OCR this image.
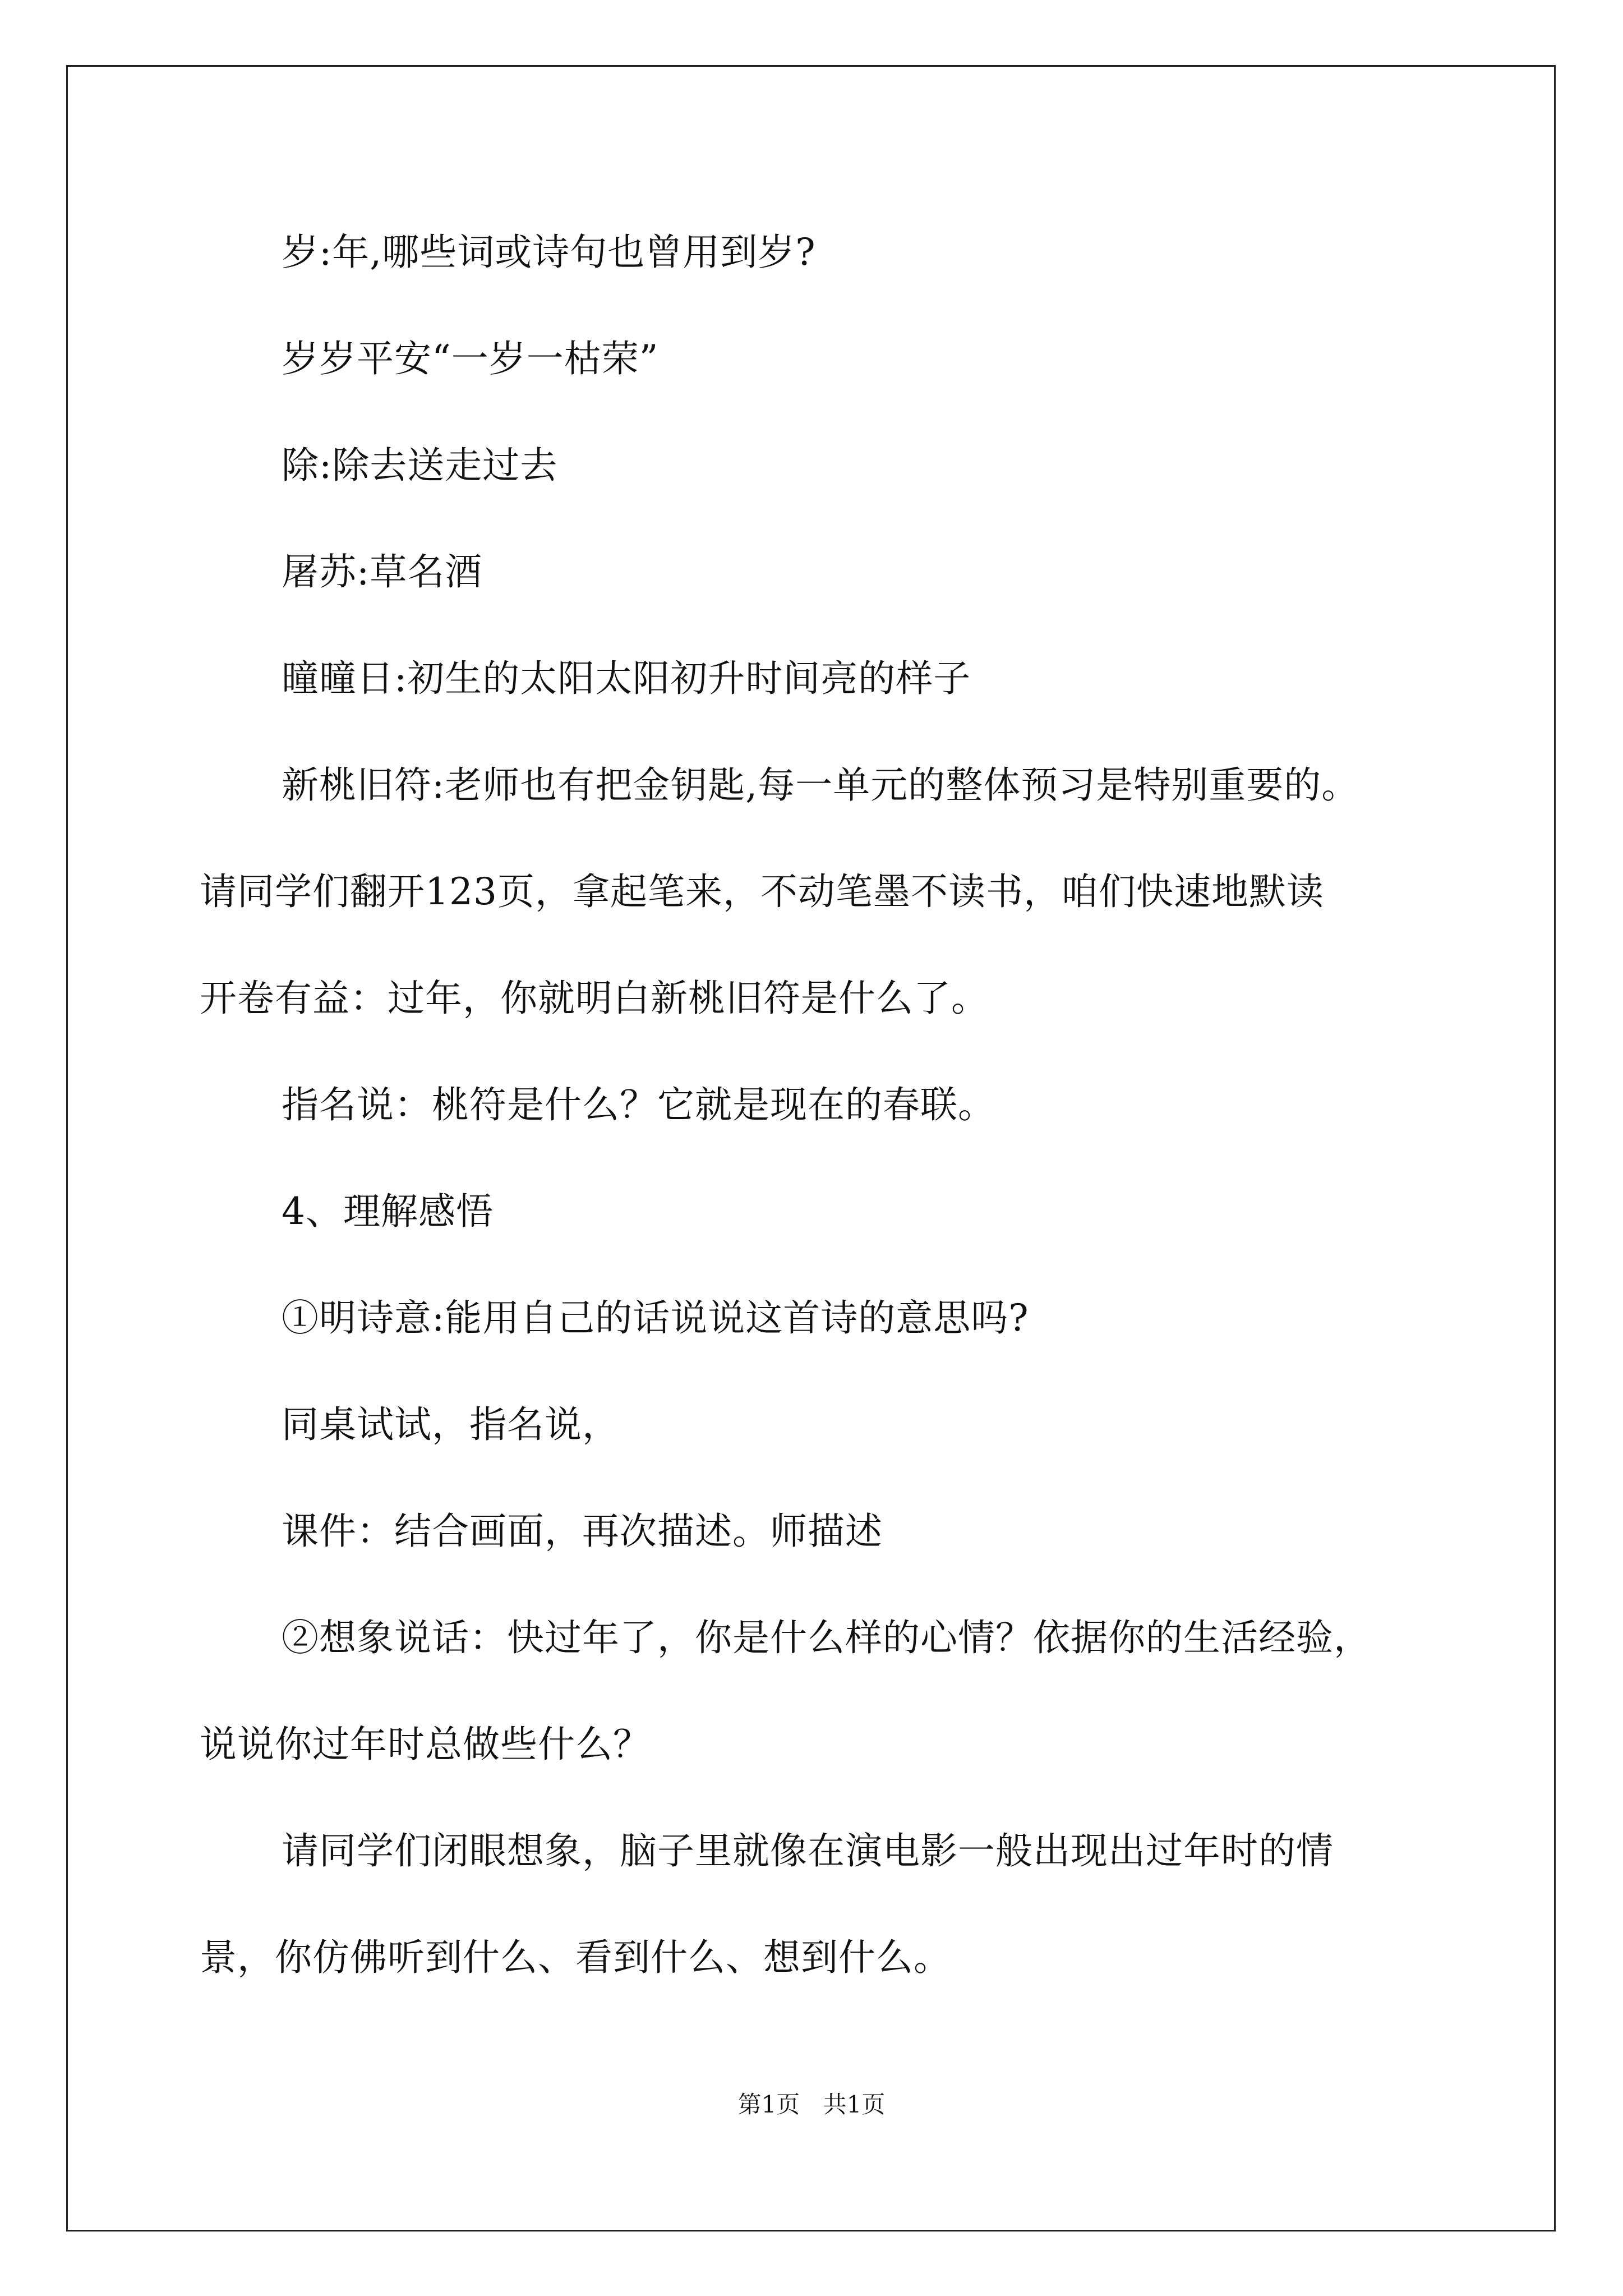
岁:年,哪些词或诗句也曾用到岁?
岁岁平安“一岁一枯荣”
除:除去送走过去
屠苏:草名酒
曈曈日:初生的太阳太阳初升时间亮的样子
新桃旧符:老师也有把金钥匙,每一单元的整体预习是特别重要的。
请同学们翻开123页，拿起笔来，不动笔墨不读书，咱们快速地默读
开卷有益：过年，你就明白新桃旧符是什么了。
指名说：桃符是什么？它就是现在的春联。
4、理解感悟
①明诗意:能用自己的话说说这首诗的意思吗?
同桌试试，指名说，
课件：结合画面，再次描述。师描述
②想象说话：快过年了，你是什么样的心情？依据你的生活经验，
说说你过年时总做些什么？
请同学们闭眼想象，脑子里就像在演电影一般出现出过年时的情
景，你仿佛听到什么、看到什么、想到什么。
第1页 共1页
